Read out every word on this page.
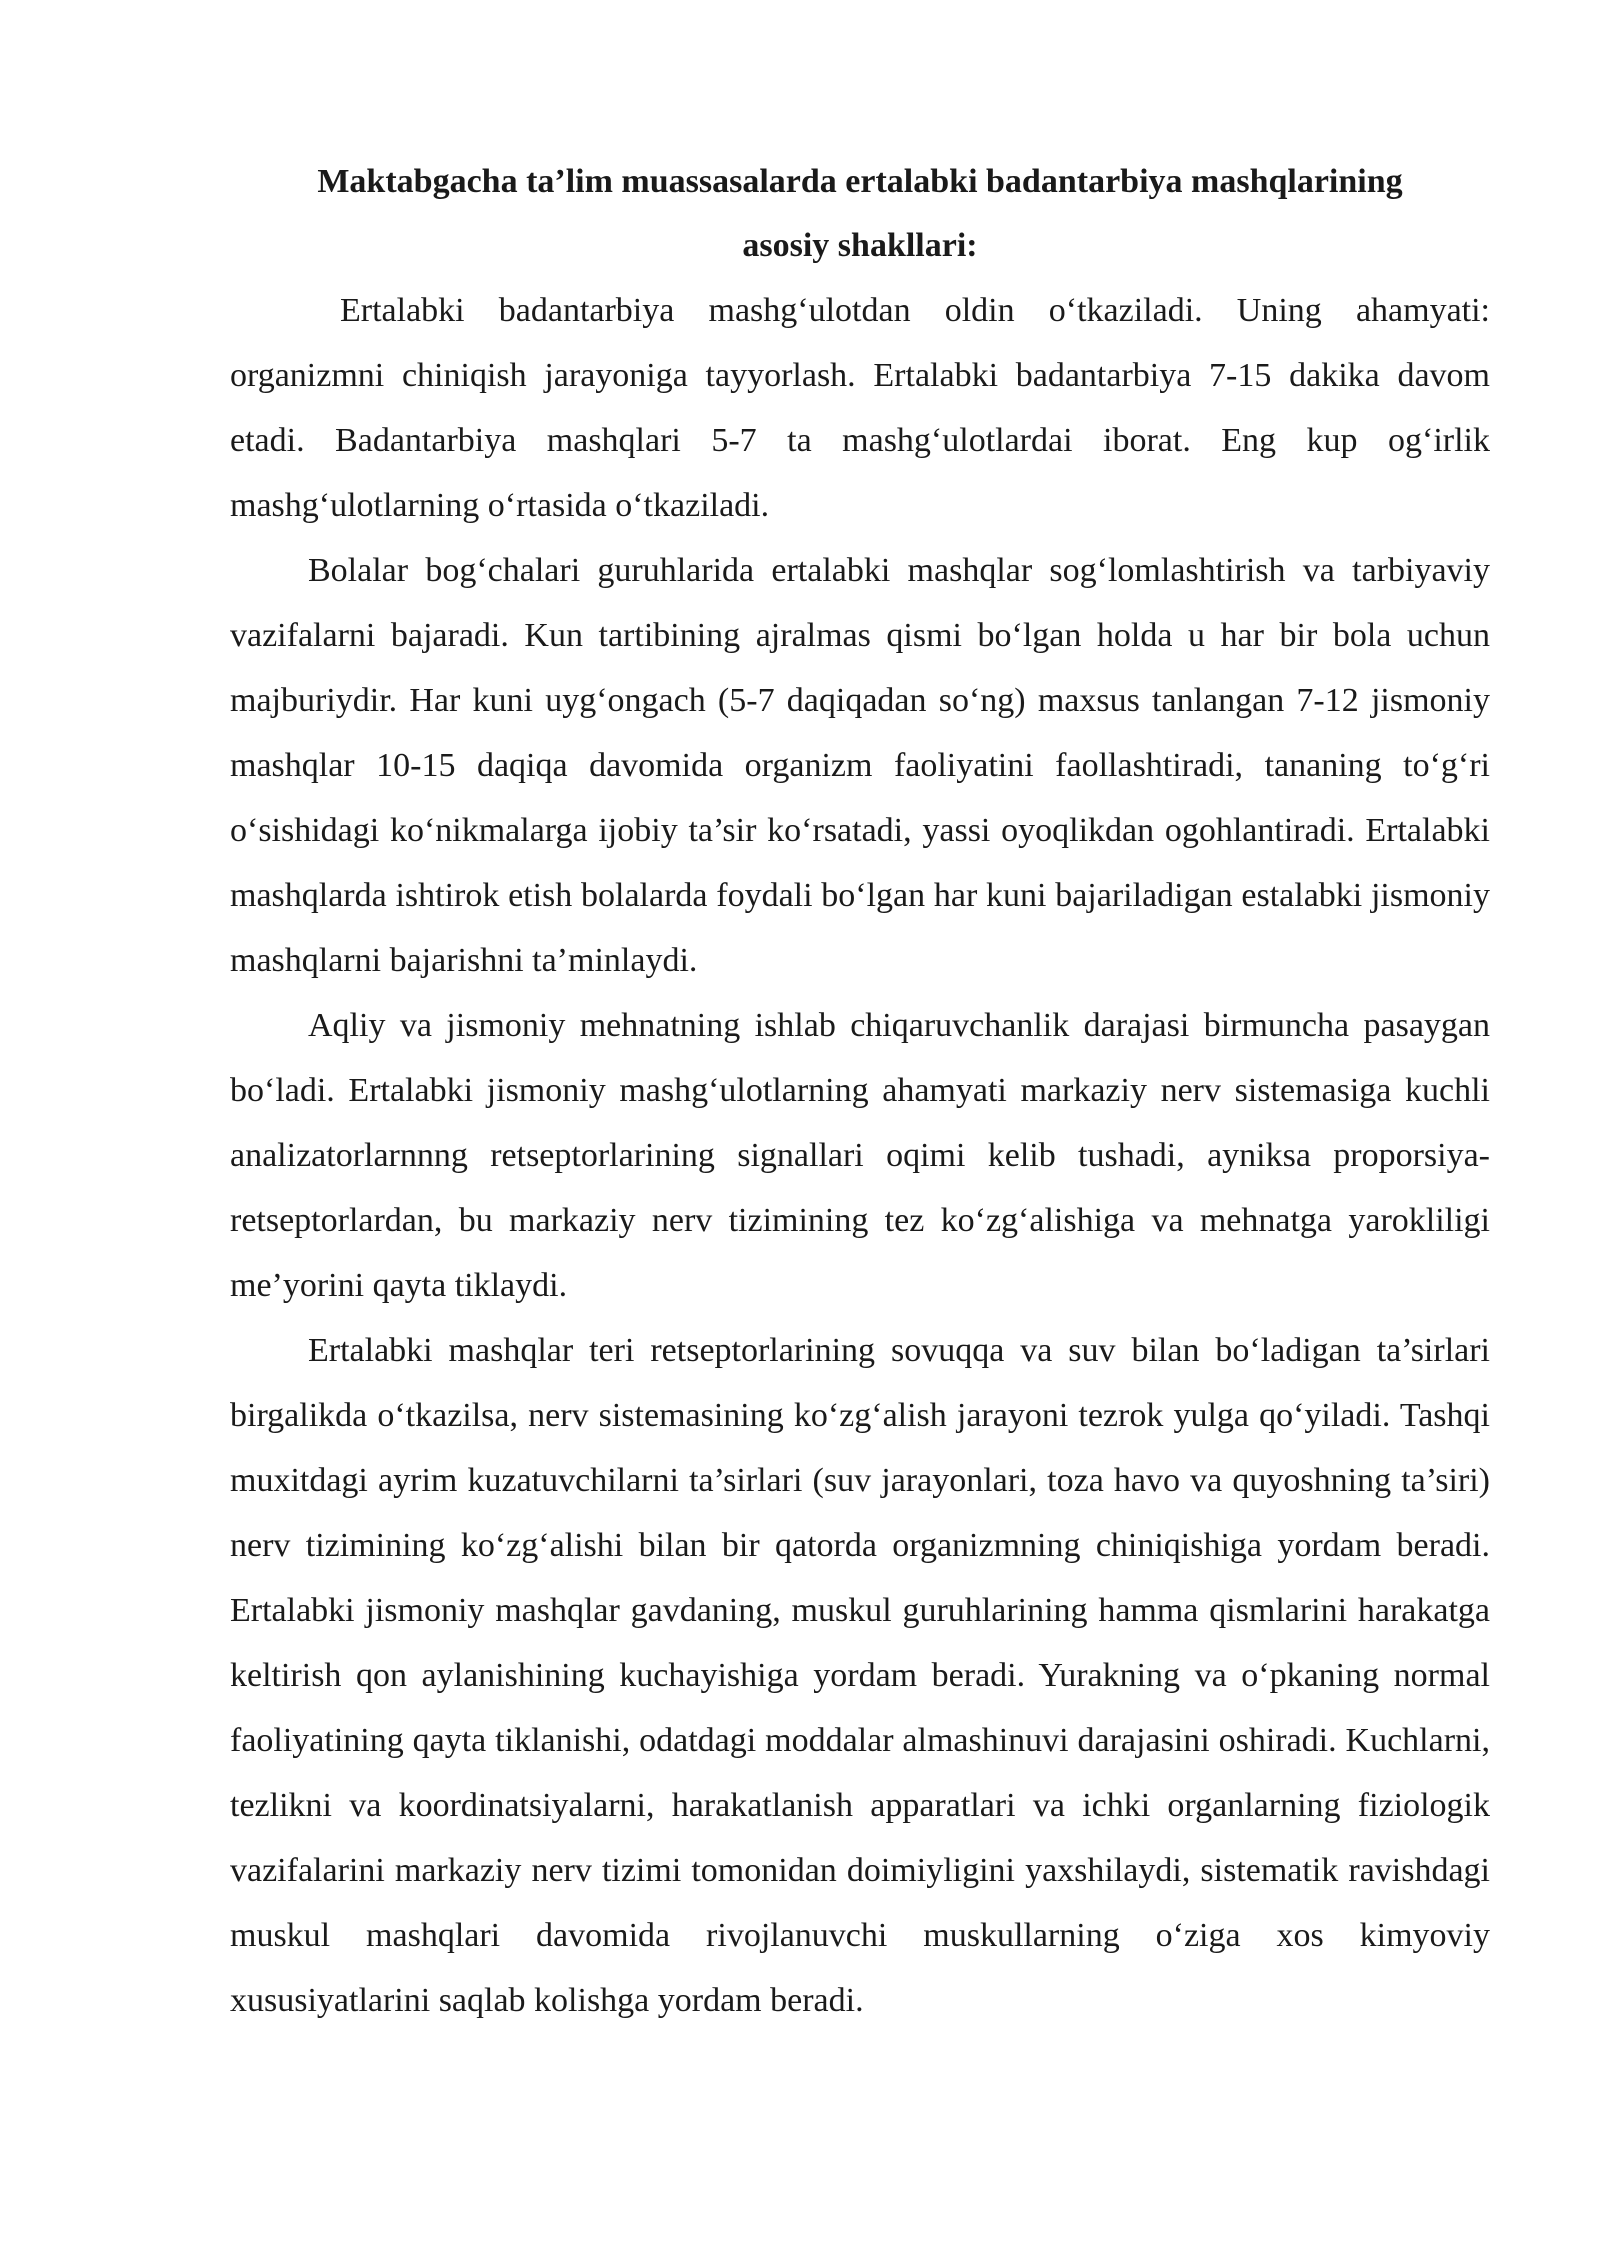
Maktabgacha ta’lim muassasalarda ertalabki badantarbiya mashqlarining asosiy shakllari:

Ertalabki badantarbiya mashg‘ulotdan oldin o‘tkaziladi. Uning ahamyati: organizmni chiniqish jarayoniga tayyorlash. Ertalabki badantarbiya 7-15 dakika davom etadi. Badantarbiya mashqlari 5-7 ta mashg‘ulotlardai iborat. Eng kup og‘irlik mashg‘ulotlarning o‘rtasida o‘tkaziladi.

Bolalar bog‘chalari guruhlarida ertalabki mashqlar sog‘lomlashtirish va tarbiyaviy vazifalarni bajaradi. Kun tartibining ajralmas qismi bo‘lgan holda u har bir bola uchun majburiydir. Har kuni uyg‘ongach (5-7 daqiqadan so‘ng) maxsus tanlangan 7-12 jismoniy mashqlar 10-15 daqiqa davomida organizm faoliyatini faollashtiradi, tananing to‘g‘ri o‘sishidagi ko‘nikmalarga ijobiy ta’sir ko‘rsatadi, yassi oyoqlikdan ogohlantiradi. Ertalabki mashqlarda ishtirok etish bolalarda foydali bo‘lgan har kuni bajariladigan estalabki jismoniy mashqlarni bajarishni ta’minlaydi.

Aqliy va jismoniy mehnatning ishlab chiqaruvchanlik darajasi birmuncha pasaygan bo‘ladi. Ertalabki jismoniy mashg‘ulotlarning ahamyati markaziy nerv sistemasiga kuchli analizatorlarnnng retseptorlarining signallari oqimi kelib tushadi, ayniksa proporsiya-retseptorlardan, bu markaziy nerv tizimining tez ko‘zg‘alishiga va mehnatga yarokliligi me’yorini qayta tiklaydi.

Ertalabki mashqlar teri retseptorlarining sovuqqa va suv bilan bo‘ladigan ta’sirlari birgalikda o‘tkazilsa, nerv sistemasining ko‘zg‘alish jarayoni tezrok yulga qo‘yiladi. Tashqi muxitdagi ayrim kuzatuvchilarni ta’sirlari (suv jarayonlari, toza havo va quyoshning ta’siri) nerv tizimining ko‘zg‘alishi bilan bir qatorda organizmning chiniqishiga yordam beradi. Ertalabki jismoniy mashqlar gavdaning, muskul guruhlarining hamma qismlarini harakatga keltirish qon aylanishining kuchayishiga yordam beradi. Yurakning va o‘pkaning normal faoliyatining qayta tiklanishi, odatdagi moddalar almashinuvi darajasini oshiradi. Kuchlarni, tezlikni va koordinatsiyalarni, harakatlanish apparatlari va ichki organlarning fiziologik vazifalarini markaziy nerv tizimi tomonidan doimiyligini yaxshilaydi, sistematik ravishdagi muskul mashqlari davomida rivojlanuvchi muskullarning o‘ziga xos kimyoviy xususiyatlarini saqlab kolishga yordam beradi.
